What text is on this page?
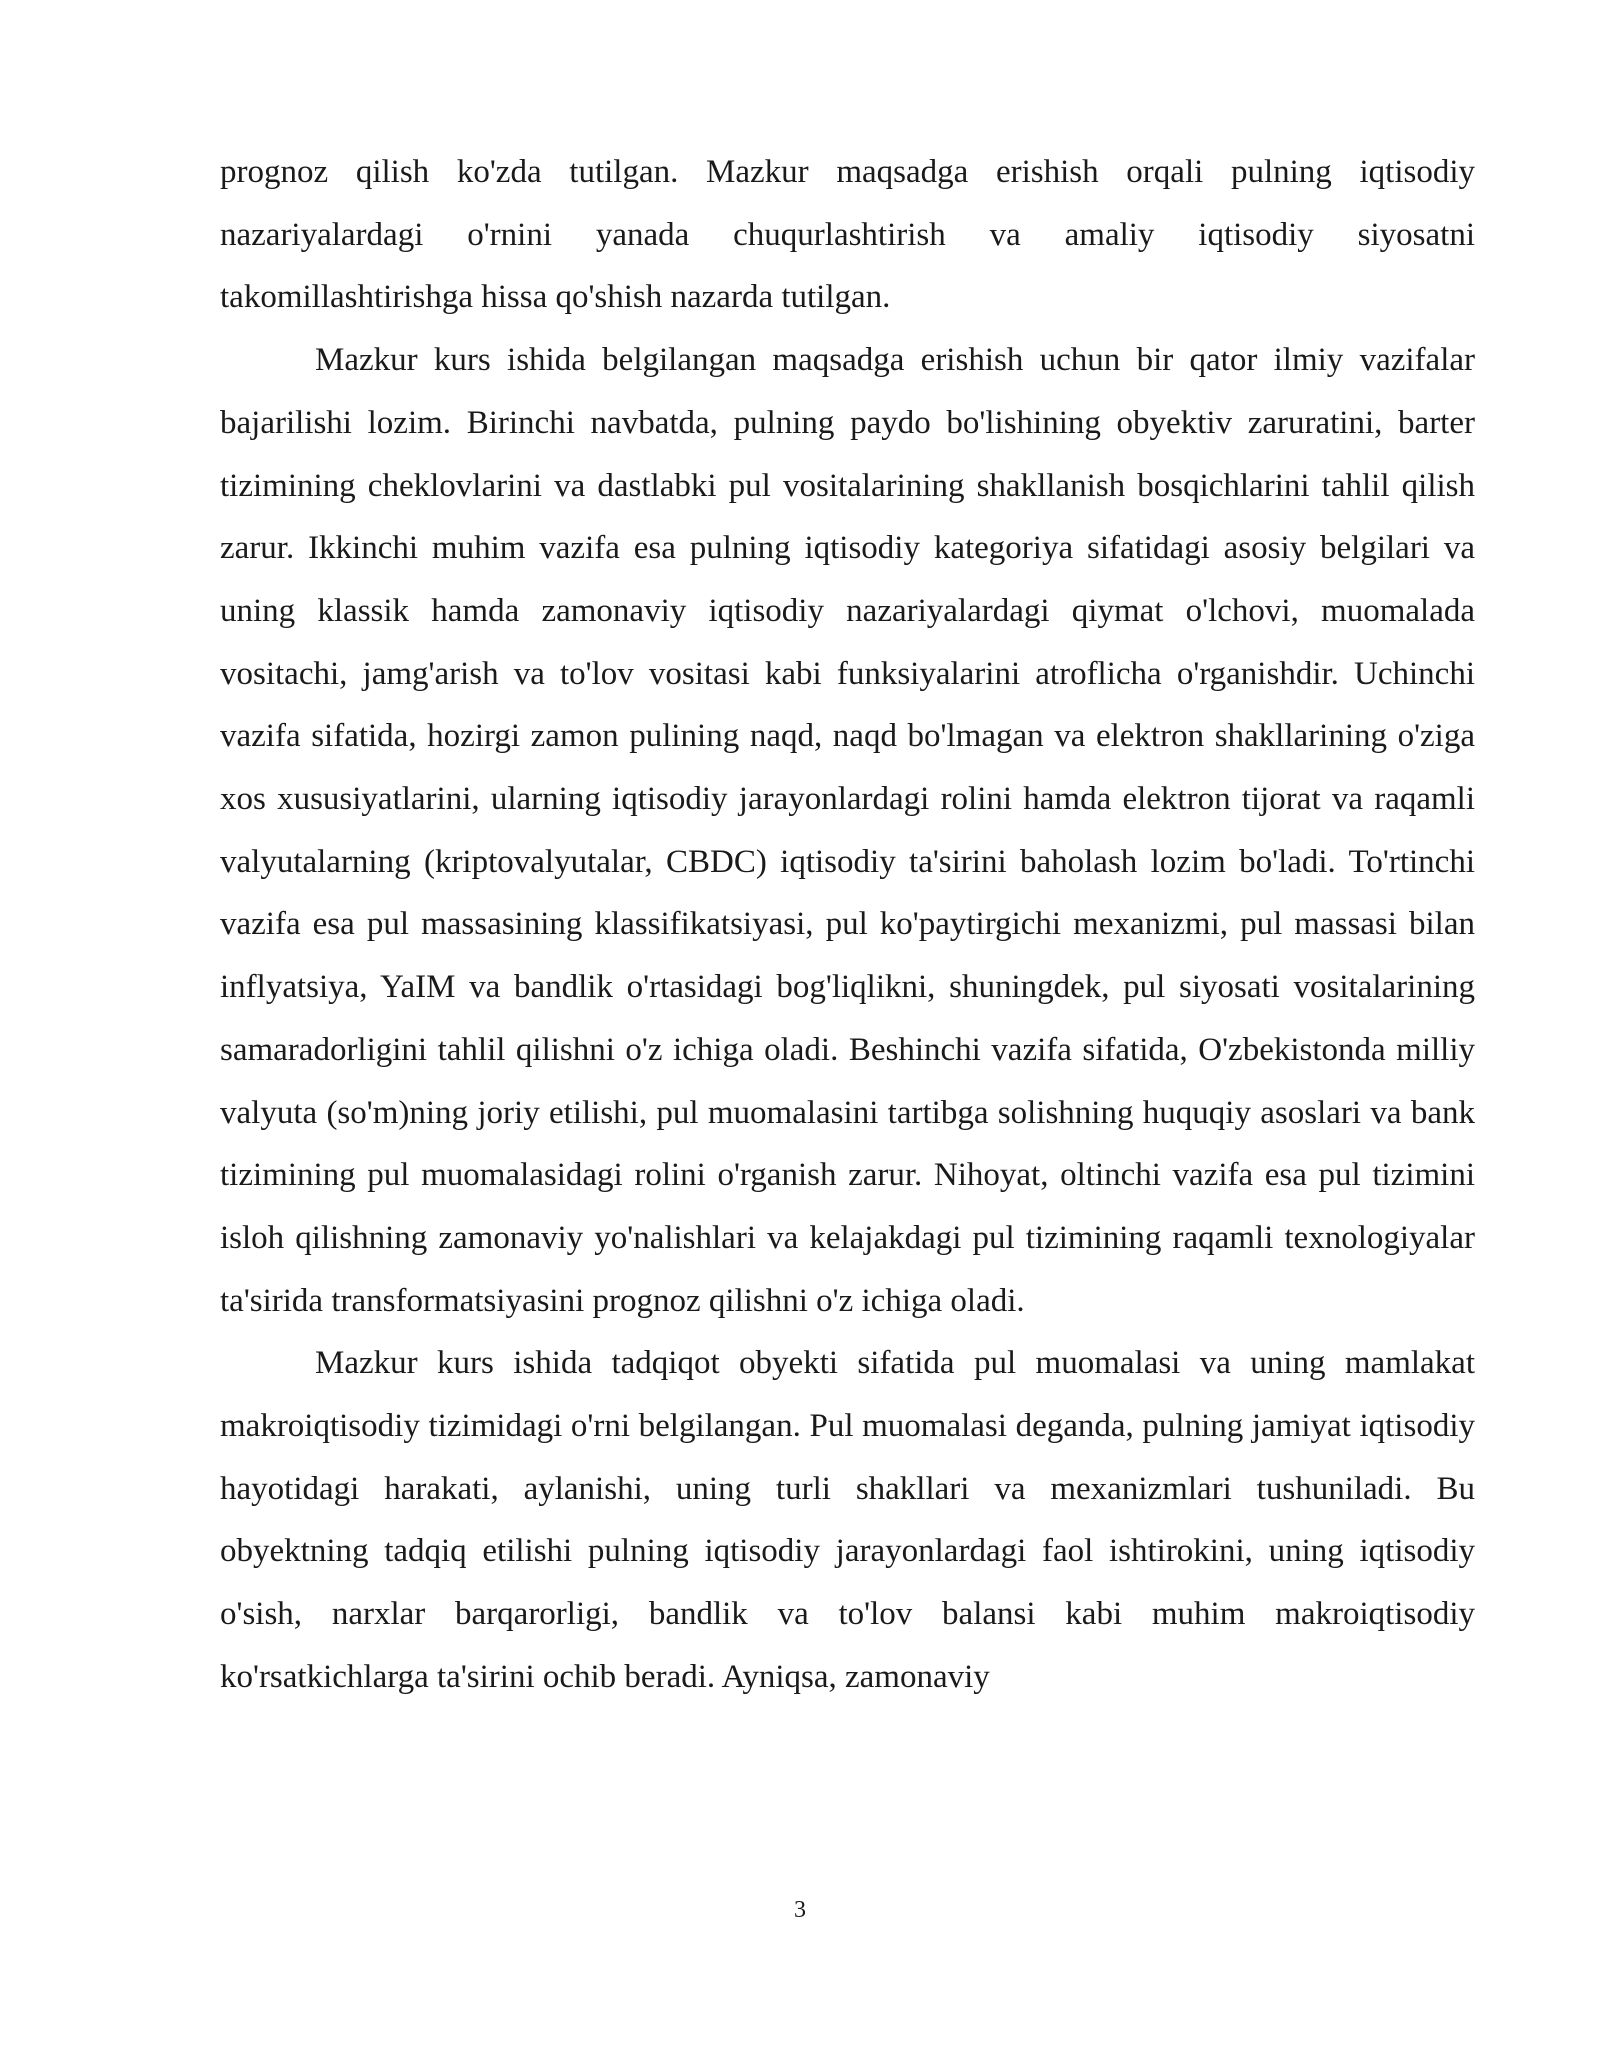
prognoz qilish ko'zda tutilgan. Mazkur maqsadga erishish orqali pulning iqtisodiy nazariyalardagi o'rnini yanada chuqurlashtirish va amaliy iqtisodiy siyosatni takomillashtirishga hissa qo'shish nazarda tutilgan.

Mazkur kurs ishida belgilangan maqsadga erishish uchun bir qator ilmiy vazifalar bajarilishi lozim. Birinchi navbatda, pulning paydo bo'lishining obyektiv zaruratini, barter tizimining cheklovlarini va dastlabki pul vositalarining shakllanish bosqichlarini tahlil qilish zarur. Ikkinchi muhim vazifa esa pulning iqtisodiy kategoriya sifatidagi asosiy belgilari va uning klassik hamda zamonaviy iqtisodiy nazariyalardagi qiymat o'lchovi, muomalada vositachi, jamg'arish va to'lov vositasi kabi funksiyalarini atroflicha o'rganishdir. Uchinchi vazifa sifatida, hozirgi zamon pulining naqd, naqd bo'lmagan va elektron shakllarining o'ziga xos xususiyatlarini, ularning iqtisodiy jarayonlardagi rolini hamda elektron tijorat va raqamli valyutalarning (kriptovalyutalar, CBDC) iqtisodiy ta'sirini baholash lozim bo'ladi. To'rtinchi vazifa esa pul massasining klassifikatsiyasi, pul ko'paytirgichi mexanizmi, pul massasi bilan inflyatsiya, YaIM va bandlik o'rtasidagi bog'liqlikni, shuningdek, pul siyosati vositalarining samaradorligini tahlil qilishni o'z ichiga oladi. Beshinchi vazifa sifatida, O'zbekistonda milliy valyuta (so'm)ning joriy etilishi, pul muomalasini tartibga solishning huquqiy asoslari va bank tizimining pul muomalasidagi rolini o'rganish zarur. Nihoyat, oltinchi vazifa esa pul tizimini isloh qilishning zamonaviy yo'nalishlari va kelajakdagi pul tizimining raqamli texnologiyalar ta'sirida transformatsiyasini prognoz qilishni o'z ichiga oladi.

Mazkur kurs ishida tadqiqot obyekti sifatida pul muomalasi va uning mamlakat makroiqtisodiy tizimidagi o'rni belgilangan. Pul muomalasi deganda, pulning jamiyat iqtisodiy hayotidagi harakati, aylanishi, uning turli shakllari va mexanizmlari tushuniladi. Bu obyektning tadqiq etilishi pulning iqtisodiy jarayonlardagi faol ishtirokini, uning iqtisodiy o'sish, narxlar barqarorligi, bandlik va to'lov balansi kabi muhim makroiqtisodiy ko'rsatkichlarga ta'sirini ochib beradi. Ayniqsa, zamonaviy

3
